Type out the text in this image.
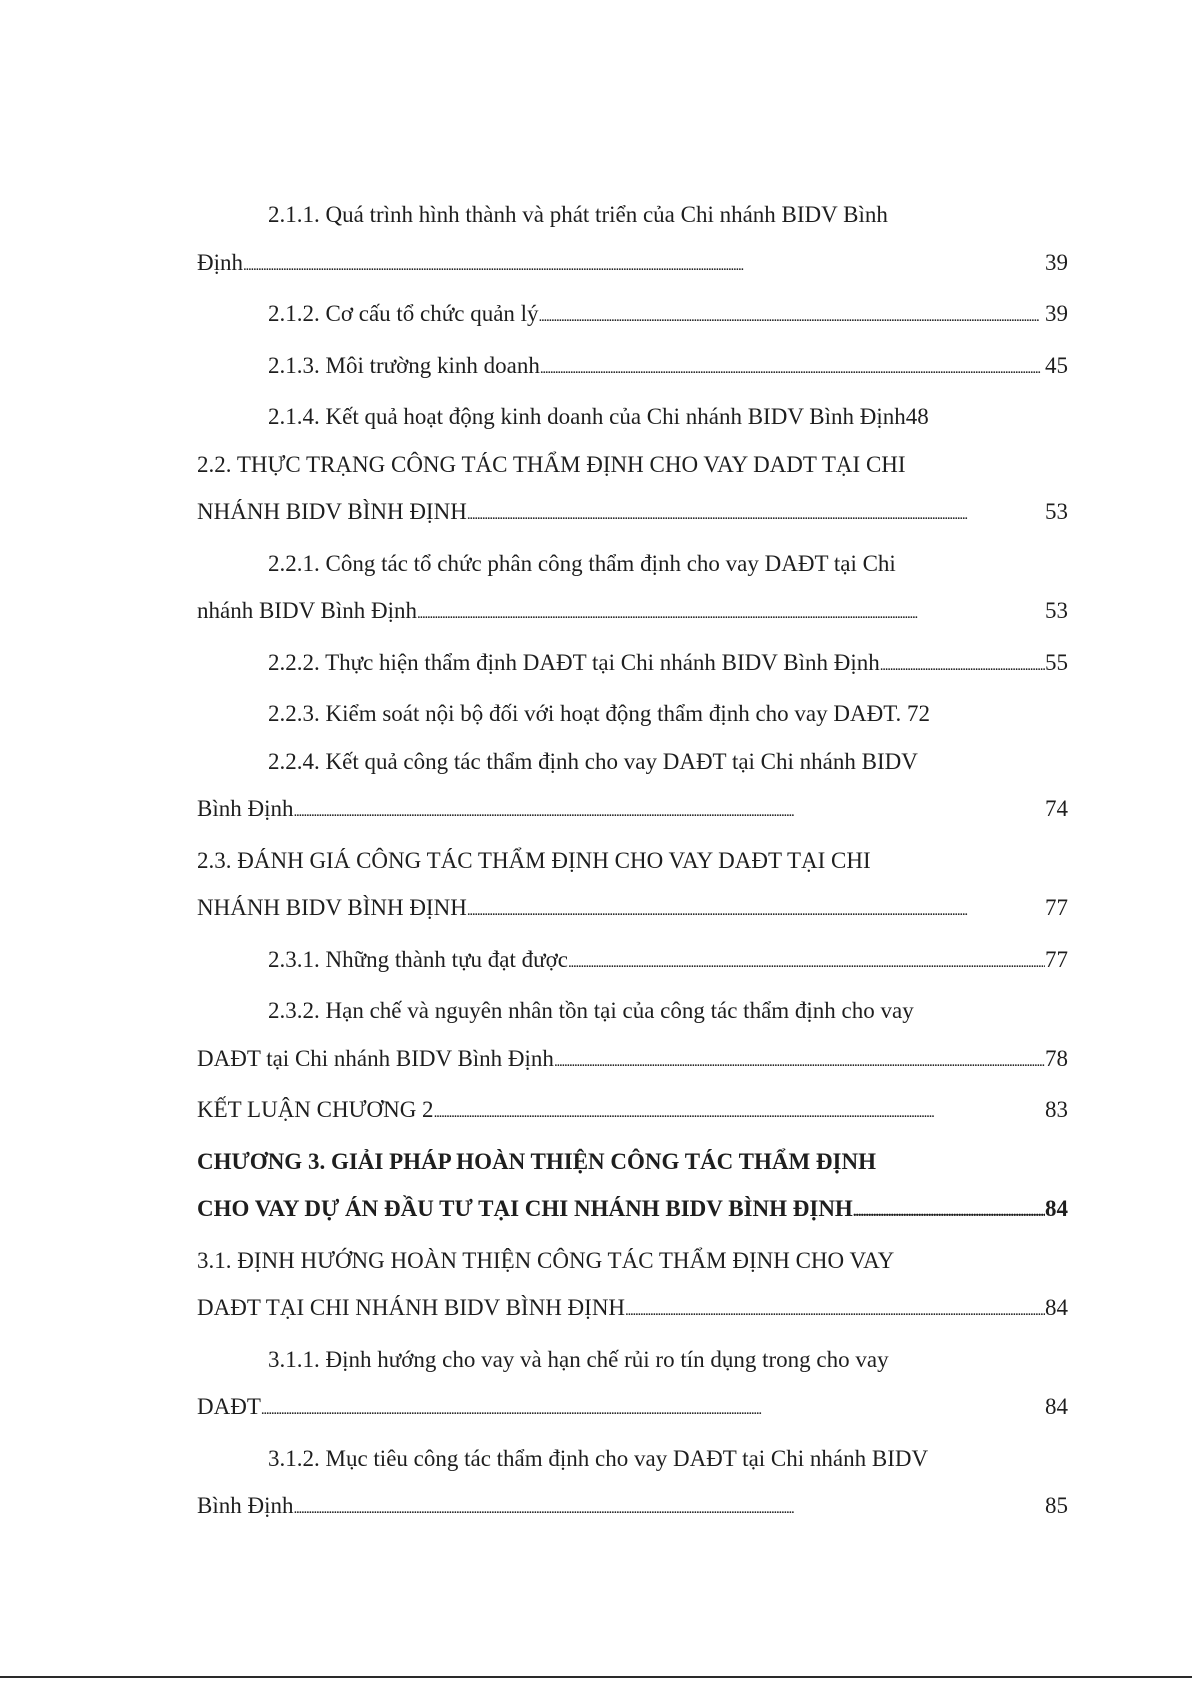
2.1.1. Quá trình hình thành và phát triển của Chi nhánh BIDV Bình
Định . . .	39
2.1.2. Cơ cấu tổ chức quản lý . . .	39
2.1.3. Môi trường kinh doanh . . .	45
2.1.4. Kết quả hoạt động kinh doanh của Chi nhánh BIDV Bình Định48
2.2. THỰC TRẠNG CÔNG TÁC THẨM ĐỊNH CHO VAY DADT TẠI CHI
NHÁNH BIDV BÌNH ĐỊNH . . .	53
2.2.1. Công tác tổ chức phân công thẩm định cho vay DAĐT tại Chi
nhánh BIDV Bình Định . . .	53
2.2.2. Thực hiện thẩm định DAĐT tại Chi nhánh BIDV Bình Định . . .	55
2.2.3. Kiểm soát nội bộ đối với hoạt động thẩm định cho vay DAĐT. 72
2.2.4. Kết quả công tác thẩm định cho vay DAĐT tại Chi nhánh BIDV
Bình Định . . .	74
2.3. ĐÁNH GIÁ CÔNG TÁC THẨM ĐỊNH CHO VAY DAĐT TẠI CHI
NHÁNH BIDV BÌNH ĐỊNH . . .	77
2.3.1. Những thành tựu đạt được . . .	77
2.3.2. Hạn chế và nguyên nhân tồn tại của công tác thẩm định cho vay
DAĐT tại Chi nhánh BIDV Bình Định . . .	78
KẾT LUẬN CHƯƠNG 2 . . .	83
CHƯƠNG 3. GIẢI PHÁP HOÀN THIỆN CÔNG TÁC THẨM ĐỊNH
CHO VAY DỰ ÁN ĐẦU TƯ TẠI CHI NHÁNH BIDV BÌNH ĐỊNH . . .	84
3.1. ĐỊNH HƯỚNG HOÀN THIỆN CÔNG TÁC THẨM ĐỊNH CHO VAY
DAĐT TẠI CHI NHÁNH BIDV BÌNH ĐỊNH . . .	84
3.1.1. Định hướng cho vay và hạn chế rủi ro tín dụng trong cho vay
DAĐT . . .	84
3.1.2. Mục tiêu công tác thẩm định cho vay DAĐT tại Chi nhánh BIDV
Bình Định . . .	85
